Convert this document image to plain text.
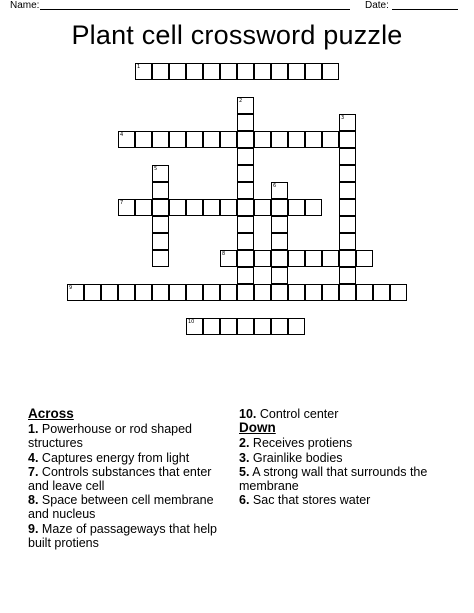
Name:	Date:
Plant cell crossword puzzle
1
2
3
4
5
6
7
8
9
10
Across
1. Powerhouse or rod shaped structures
4. Captures energy from light
7. Controls substances that enter and leave cell
8. Space between cell membrane and nucleus
9. Maze of passageways that help built protiens
10. Control center
Down
2. Receives protiens
3. Grainlike bodies
5. A strong wall that surrounds the membrane
6. Sac that stores water
